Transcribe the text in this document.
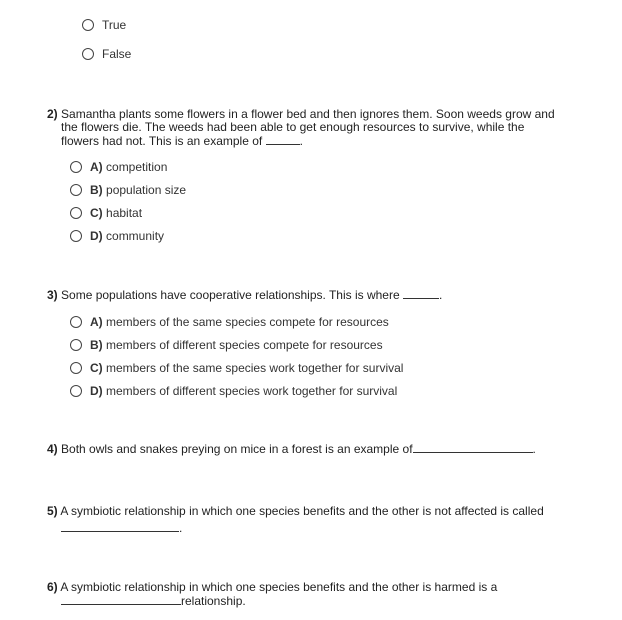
True
False
2) Samantha plants some flowers in a flower bed and then ignores them. Soon weeds grow and
the flowers die. The weeds had been able to get enough resources to survive, while the
flowers had not. This is an example of	.
A) competition
B) population size
C) habitat
D) community
3) Some populations have cooperative relationships. This is where	.
A) members of the same species compete for resources
B) members of different species compete for resources
C) members of the same species work together for survival
D) members of different species work together for survival
4) Both owls and snakes preying on mice in a forest is an example of	.
5) A symbiotic relationship in which one species benefits and the other is not affected is called
.
6) A symbiotic relationship in which one species benefits and the other is harmed is a
relationship.
